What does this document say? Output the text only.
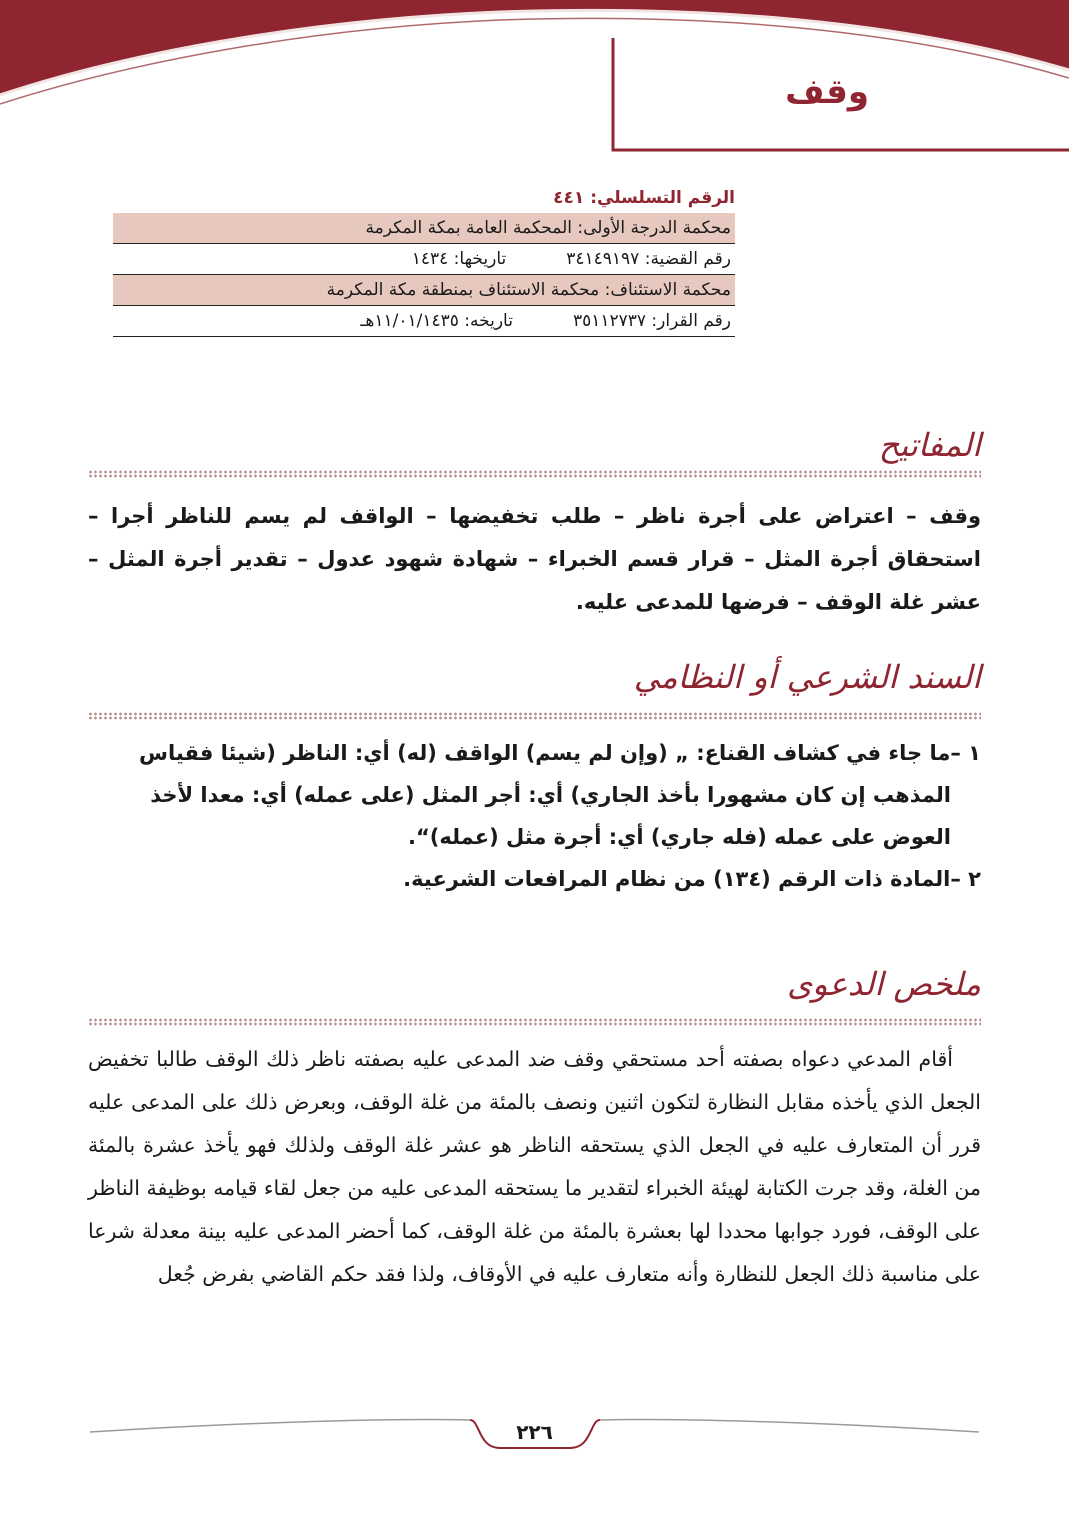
وقف
الرقم التسلسلي: ٤٤١
محكمة الدرجة الأولى: المحكمة العامة بمكة المكرمة
رقم القضية: ٣٤١٤٩١٩٧تاريخها: ١٤٣٤
محكمة الاستئناف: محكمة الاستئناف بمنطقة مكة المكرمة
رقم القرار: ٣٥١١٢٧٣٧تاريخه: ١١/٠١/١٤٣٥هـ
المفاتيح
وقف – اعتراض على أجرة ناظر – طلب تخفيضها – الواقف لم يسم للناظر أجرا – استحقاق أجرة المثل – قرار قسم الخبراء – شهادة شهود عدول – تقدير أجرة المثل – عشر غلة الوقف – فرضها للمدعى عليه.
السند الشرعي أو النظامي

١ –ما جاء في كشاف القناع: „ (وإن لم يسم) الواقف (له) أي: الناظر (شيئا فقياس

المذهب إن كان مشهورا بأخذ الجاري) أي: أجر المثل (على عمله) أي: معدا لأخذ

العوض على عمله (فله جاري) أي: أجرة مثل (عمله)“.

٢ –المادة ذات الرقم (١٣٤) من نظام المرافعات الشرعية.

ملخص الدعوى
أقام المدعي دعواه بصفته أحد مستحقي وقف ضد المدعى عليه بصفته ناظر ذلك الوقف طالبا تخفيض الجعل الذي يأخذه مقابل النظارة لتكون اثنين ونصف بالمئة من غلة الوقف، وبعرض ذلك على المدعى عليه قرر أن المتعارف عليه في الجعل الذي يستحقه الناظر هو عشر غلة الوقف ولذلك فهو يأخذ عشرة بالمئة من الغلة، وقد جرت الكتابة لهيئة الخبراء لتقدير ما يستحقه المدعى عليه من جعل لقاء قيامه بوظيفة الناظر على الوقف، فورد جوابها محددا لها بعشرة بالمئة من غلة الوقف، كما أحضر المدعى عليه بينة معدلة شرعا على مناسبة ذلك الجعل للنظارة وأنه متعارف عليه في الأوقاف، ولذا فقد حكم القاضي بفرض جُعل
٢٢٦
